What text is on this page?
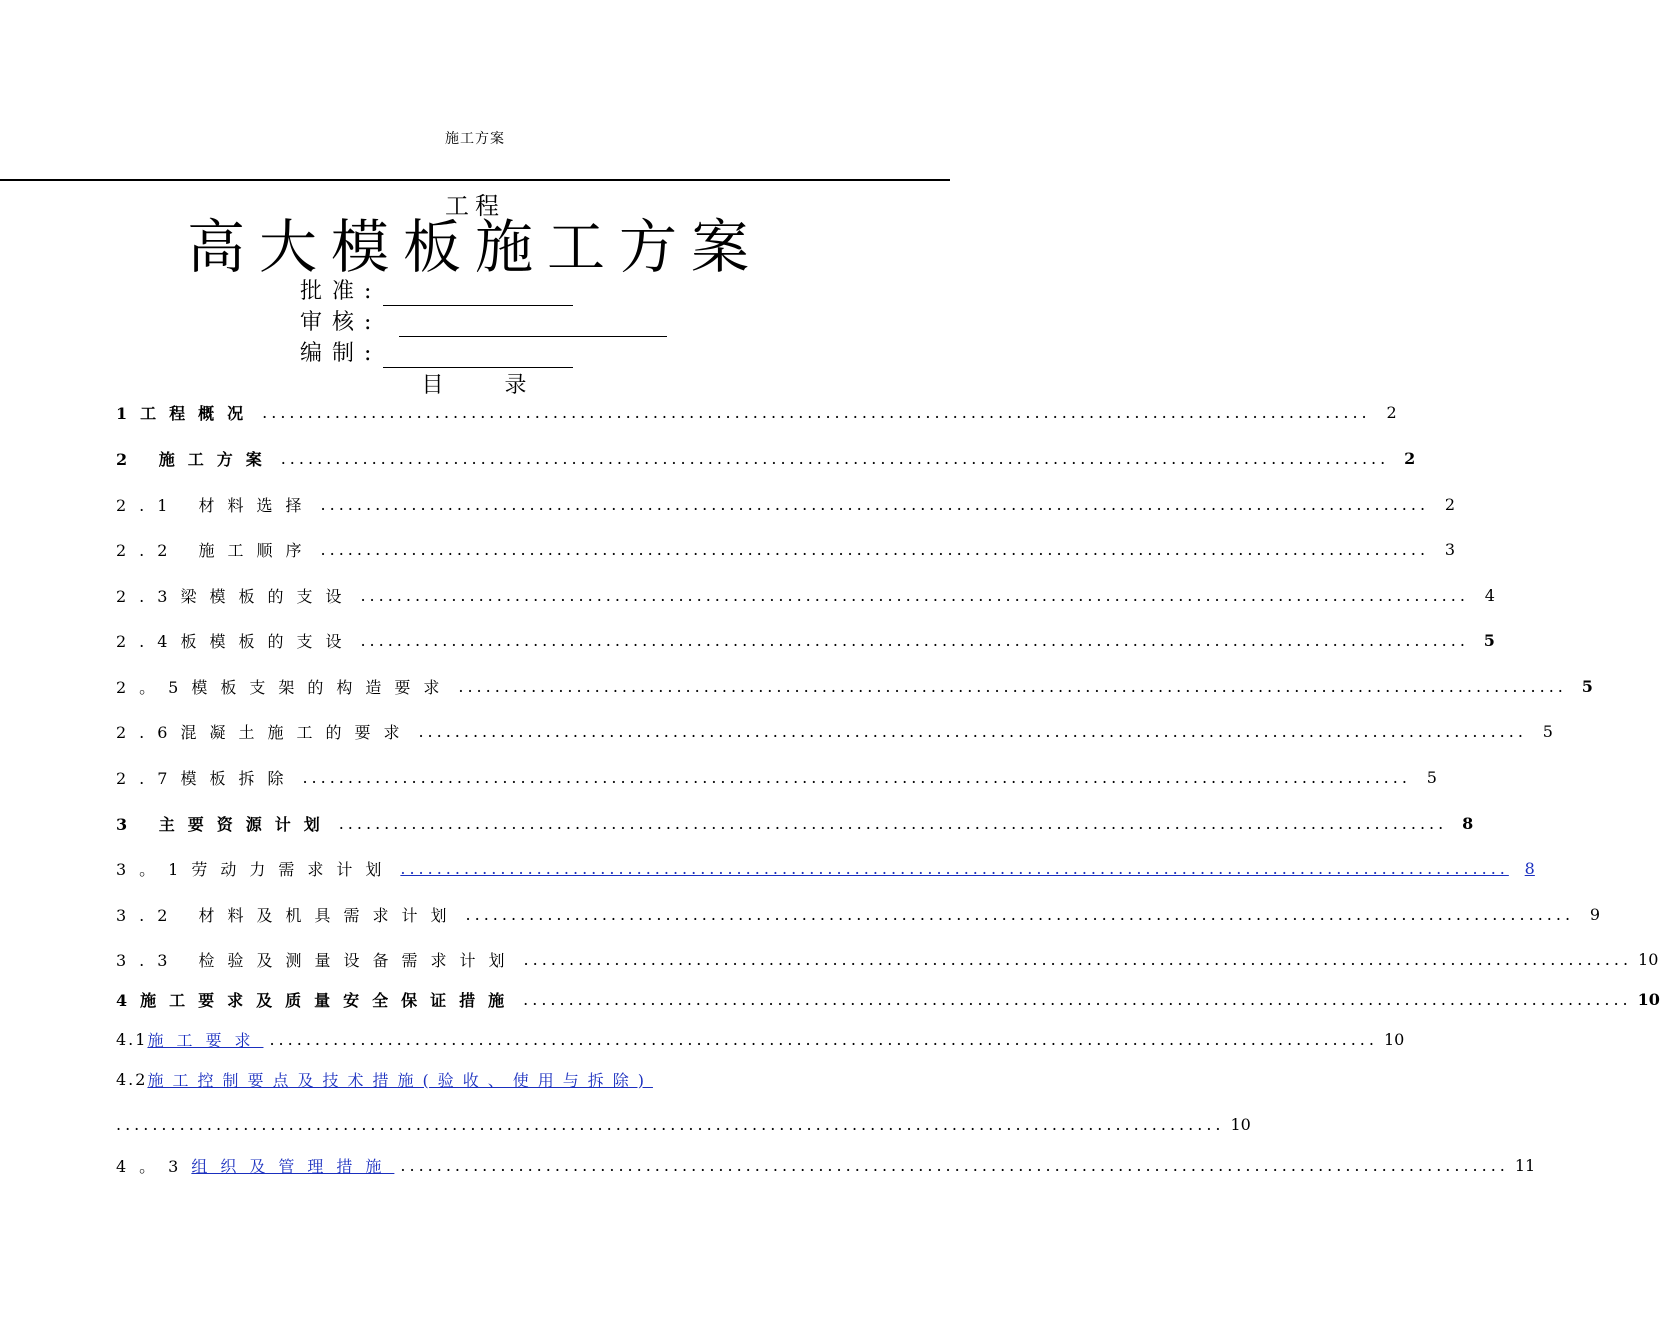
施工方案
工程
高大模板施工方案
批准:
审核:
编制:
目 录
1工程概况 .......................................................................................................................... 2
2 施工方案 .......................................................................................................................... 2
2.1 材料选择 .......................................................................................................................... 2
2.2 施工顺序 .......................................................................................................................... 3
2.3梁模板的支设 .......................................................................................................................... 4
2.4板模板的支设 .......................................................................................................................... 5
2。5模板支架的构造要求 .......................................................................................................................... 5
2.6混凝土施工的要求 .......................................................................................................................... 5
2.7模板拆除 .......................................................................................................................... 5
3 主要资源计划 .......................................................................................................................... 8
3。1劳动力需求计划 .......................................................................................................................... 8
3.2 材料及机具需求计划 .......................................................................................................................... 9
3.3 检验及测量设备需求计划 .......................................................................................................................... 10
4施工要求及质量安全保证措施 .......................................................................................................................... 10
4.1 施工要求 .......................................................................................................................... 10
4.2 施工控制要点及技术措施(验收、使用与拆除)
.......................................................................................................................... 10
4。3 组织及管理措施 .......................................................................................................................... 11
